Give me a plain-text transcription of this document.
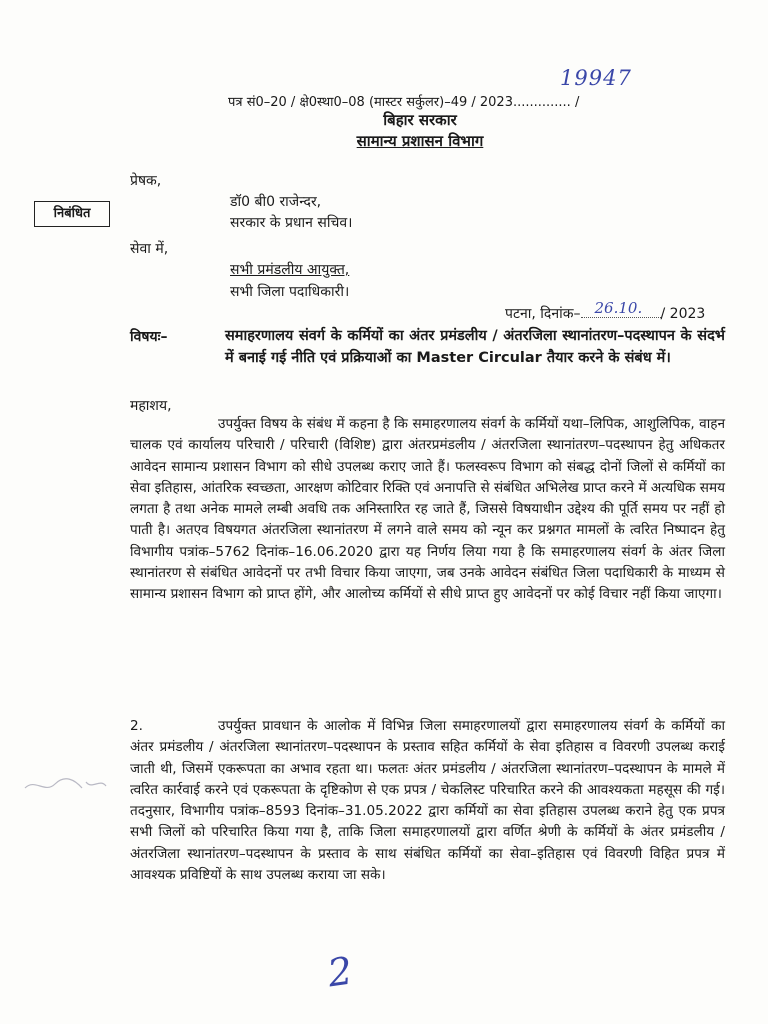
19947
पत्र सं0–20 / क्षे0स्था0–08 (मास्टर सर्कुलर)–49 / 2023.............. /
बिहार सरकार
सामान्य प्रशासन विभाग
प्रेषक,
डॉ0 बी0 राजेन्दर,
सरकार के प्रधान सचिव।
निबंधित
सेवा में,
सभी प्रमंडलीय आयुक्त,
सभी जिला पदाधिकारी।
पटना, दिनांक– 26.10. / 2023
विषयः–	समाहरणालय संवर्ग के कर्मियों का अंतर प्रमंडलीय / अंतरजिला स्थानांतरण–पदस्थापन के संदर्भ में बनाई गई नीति एवं प्रक्रियाओं का Master Circular तैयार करने के संबंध में।
महाशय,
उपर्युक्त विषय के संबंध में कहना है कि समाहरणालय संवर्ग के कर्मियों यथा–लिपिक, आशुलिपिक, वाहन चालक एवं कार्यालय परिचारी / परिचारी (विशिष्ट) द्वारा अंतरप्रमंडलीय / अंतरजिला स्थानांतरण–पदस्थापन हेतु अधिकतर आवेदन सामान्य प्रशासन विभाग को सीधे उपलब्ध कराए जाते हैं। फलस्वरूप विभाग को संबद्ध दोनों जिलों से कर्मियों का सेवा इतिहास, आंतरिक स्वच्छता, आरक्षण कोटिवार रिक्ति एवं अनापत्ति से संबंधित अभिलेख प्राप्त करने में अत्यधिक समय लगता है तथा अनेक मामले लम्बी अवधि तक अनिस्तारित रह जाते हैं, जिससे विषयाधीन उद्देश्य की पूर्ति समय पर नहीं हो पाती है। अतएव विषयगत अंतरजिला स्थानांतरण में लगने वाले समय को न्यून कर प्रश्नगत मामलों के त्वरित निष्पादन हेतु विभागीय पत्रांक–5762 दिनांक–16.06.2020 द्वारा यह निर्णय लिया गया है कि समाहरणालय संवर्ग के अंतर जिला स्थानांतरण से संबंधित आवेदनों पर तभी विचार किया जाएगा, जब उनके आवेदन संबंधित जिला पदाधिकारी के माध्यम से सामान्य प्रशासन विभाग को प्राप्त होंगे, और आलोच्य कर्मियों से सीधे प्राप्त हुए आवेदनों पर कोई विचार नहीं किया जाएगा।
2.	उपर्युक्त प्रावधान के आलोक में विभिन्न जिला समाहरणालयों द्वारा समाहरणालय संवर्ग के कर्मियों का अंतर प्रमंडलीय / अंतरजिला स्थानांतरण–पदस्थापन के प्रस्ताव सहित कर्मियों के सेवा इतिहास व विवरणी उपलब्ध कराई जाती थी, जिसमें एकरूपता का अभाव रहता था। फलतः अंतर प्रमंडलीय / अंतरजिला स्थानांतरण–पदस्थापन के मामले में त्वरित कार्रवाई करने एवं एकरूपता के दृष्टिकोण से एक प्रपत्र / चेकलिस्ट परिचारित करने की आवश्यकता महसूस की गई। तदनुसार, विभागीय पत्रांक–8593 दिनांक–31.05.2022 द्वारा कर्मियों का सेवा इतिहास उपलब्ध कराने हेतु एक प्रपत्र सभी जिलों को परिचारित किया गया है, ताकि जिला समाहरणालयों द्वारा वर्णित श्रेणी के कर्मियों के अंतर प्रमंडलीय / अंतरजिला स्थानांतरण–पदस्थापन के प्रस्ताव के साथ संबंधित कर्मियों का सेवा–इतिहास एवं विवरणी विहित प्रपत्र में आवश्यक प्रविष्टियों के साथ उपलब्ध कराया जा सके।
2
